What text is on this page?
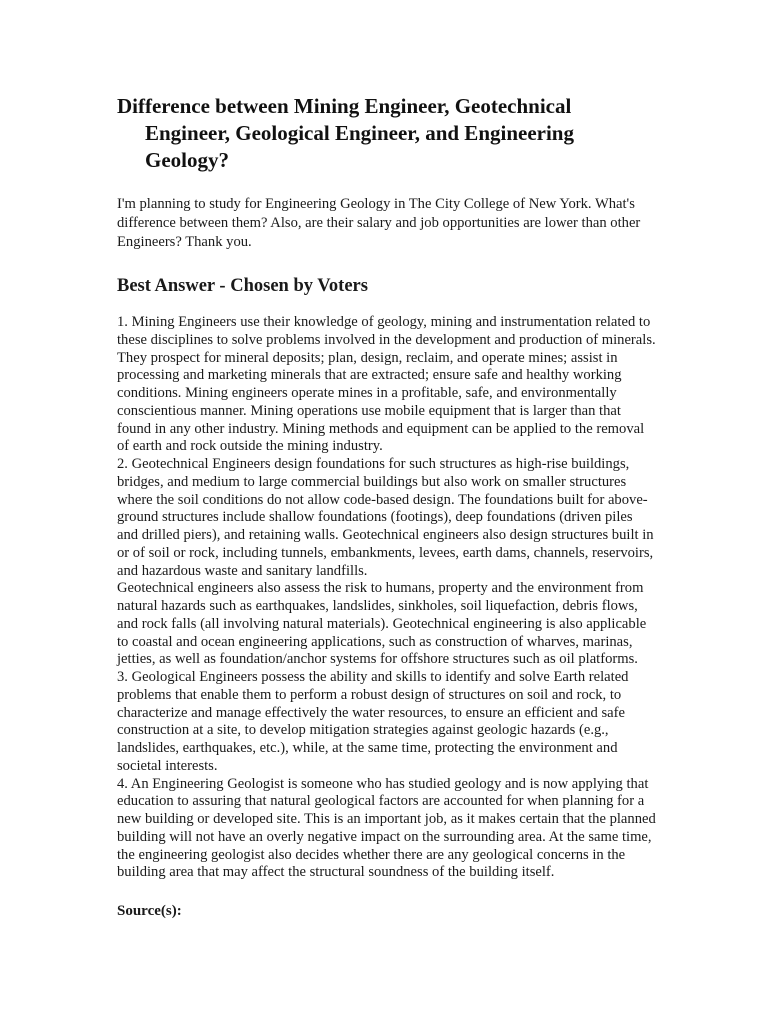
Difference between Mining Engineer, Geotechnical Engineer, Geological Engineer, and Engineering Geology?

I'm planning to study for Engineering Geology in The City College of New York. What's difference between them? Also, are their salary and job opportunities are lower than other Engineers? Thank you.

Best Answer - Chosen by Voters

1. Mining Engineers use their knowledge of geology, mining and instrumentation related to these disciplines to solve problems involved in the development and production of minerals. They prospect for mineral deposits; plan, design, reclaim, and operate mines; assist in processing and marketing minerals that are extracted; ensure safe and healthy working conditions. Mining engineers operate mines in a profitable, safe, and environmentally conscientious manner. Mining operations use mobile equipment that is larger than that found in any other industry. Mining methods and equipment can be applied to the removal of earth and rock outside the mining industry.

2. Geotechnical Engineers design foundations for such structures as high-rise buildings, bridges, and medium to large commercial buildings but also work on smaller structures where the soil conditions do not allow code-based design. The foundations built for above-ground structures include shallow foundations (footings), deep foundations (driven piles and drilled piers), and retaining walls. Geotechnical engineers also design structures built in or of soil or rock, including tunnels, embankments, levees, earth dams, channels, reservoirs, and hazardous waste and sanitary landfills.

Geotechnical engineers also assess the risk to humans, property and the environment from natural hazards such as earthquakes, landslides, sinkholes, soil liquefaction, debris flows, and rock falls (all involving natural materials). Geotechnical engineering is also applicable to coastal and ocean engineering applications, such as construction of wharves, marinas, jetties, as well as foundation/anchor systems for offshore structures such as oil platforms.

3. Geological Engineers possess the ability and skills to identify and solve Earth related problems that enable them to perform a robust design of structures on soil and rock, to characterize and manage effectively the water resources, to ensure an efficient and safe construction at a site, to develop mitigation strategies against geologic hazards (e.g., landslides, earthquakes, etc.), while, at the same time, protecting the environment and societal interests.

4. An Engineering Geologist is someone who has studied geology and is now applying that education to assuring that natural geological factors are accounted for when planning for a new building or developed site. This is an important job, as it makes certain that the planned building will not have an overly negative impact on the surrounding area. At the same time, the engineering geologist also decides whether there are any geological concerns in the building area that may affect the structural soundness of the building itself.

Source(s):
